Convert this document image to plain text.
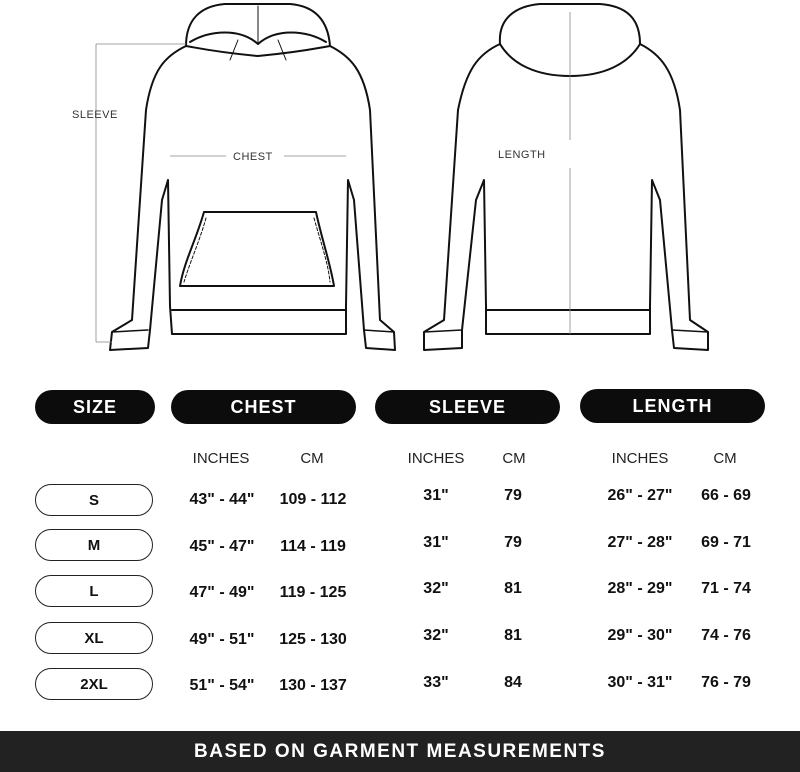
SLEEVE
CHEST	LENGTH
SIZE	CHEST	SLEEVE	LENGTH
INCHES	CM	INCHES	CM	INCHES	CM
S	43" - 44"	109 - 112	31"	79	26" - 27"	66 - 69
M	45" - 47"	114 - 119	31"	79	27" - 28"	69 - 71
L	47" - 49"	119 - 125	32"	81	28" - 29"	71 - 74
XL	49" - 51"	125 - 130	32"	81	29" - 30"	74 - 76
2XL	51" - 54"	130 - 137	33"	84	30" - 31"	76 - 79
BASED ON GARMENT MEASUREMENTS
